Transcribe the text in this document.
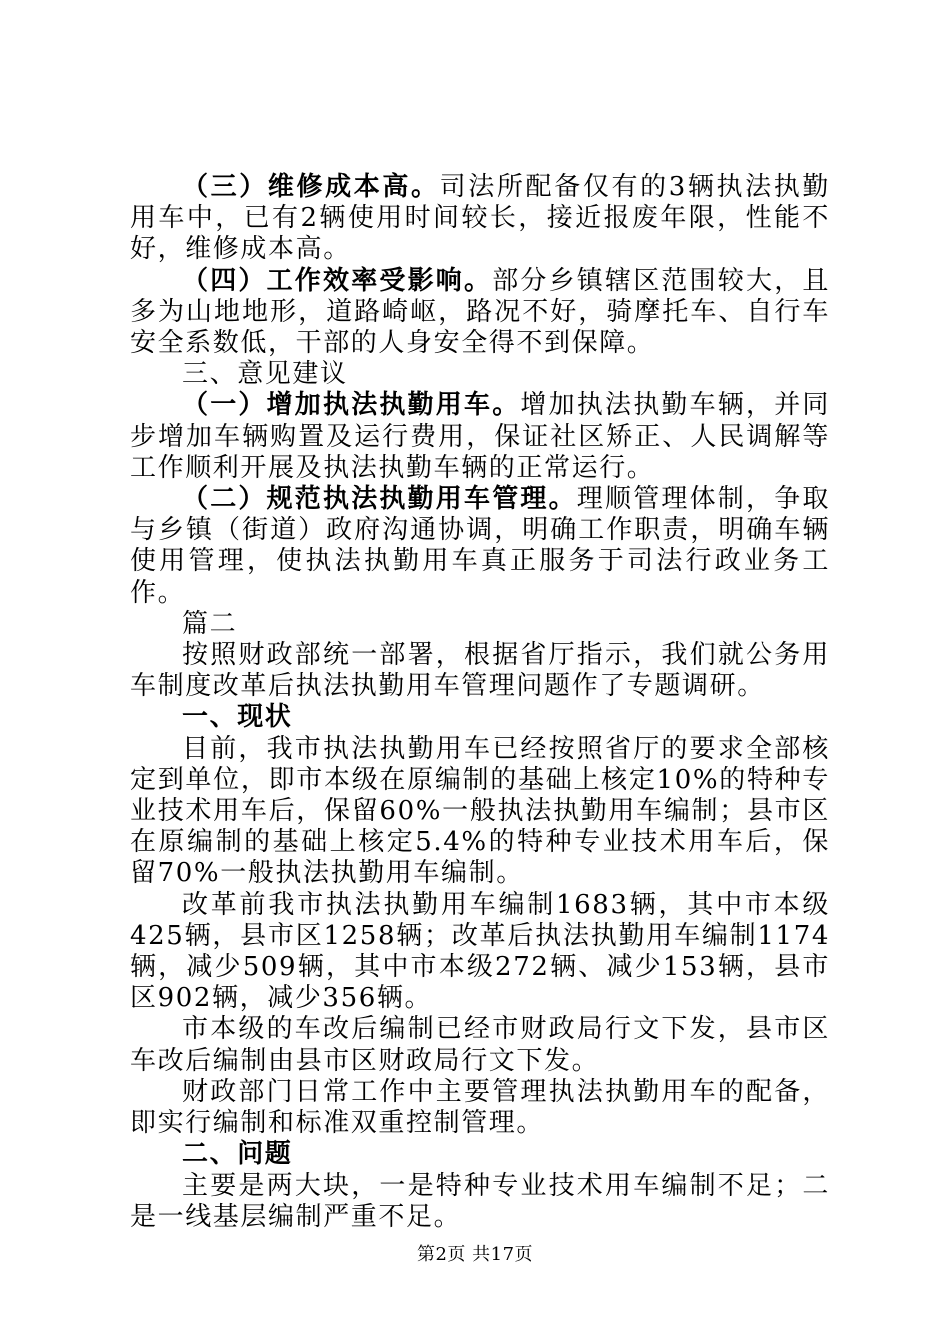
（三）维修成本高。司法所配备仅有的3辆执法执勤用车中，已有2辆使用时间较长，接近报废年限，性能不好，维修成本高。

（四）工作效率受影响。部分乡镇辖区范围较大，且多为山地地形，道路崎岖，路况不好，骑摩托车、自行车安全系数低，干部的人身安全得不到保障。

三、意见建议

（一）增加执法执勤用车。增加执法执勤车辆，并同步增加车辆购置及运行费用，保证社区矫正、人民调解等工作顺利开展及执法执勤车辆的正常运行。

（二）规范执法执勤用车管理。理顺管理体制，争取与乡镇（街道）政府沟通协调，明确工作职责，明确车辆使用管理，使执法执勤用车真正服务于司法行政业务工作。

篇二

按照财政部统一部署，根据省厅指示，我们就公务用车制度改革后执法执勤用车管理问题作了专题调研。

一、现状

目前，我市执法执勤用车已经按照省厅的要求全部核定到单位，即市本级在原编制的基础上核定10%的特种专业技术用车后，保留60%一般执法执勤用车编制；县市区在原编制的基础上核定5.4%的特种专业技术用车后，保留70%一般执法执勤用车编制。

改革前我市执法执勤用车编制1683辆，其中市本级425辆，县市区1258辆；改革后执法执勤用车编制1174辆，减少509辆，其中市本级272辆、减少153辆，县市区902辆，减少356辆。

市本级的车改后编制已经市财政局行文下发，县市区车改后编制由县市区财政局行文下发。

财政部门日常工作中主要管理执法执勤用车的配备，即实行编制和标准双重控制管理。

二、问题

主要是两大块，一是特种专业技术用车编制不足；二是一线基层编制严重不足。

第2页 共17页
